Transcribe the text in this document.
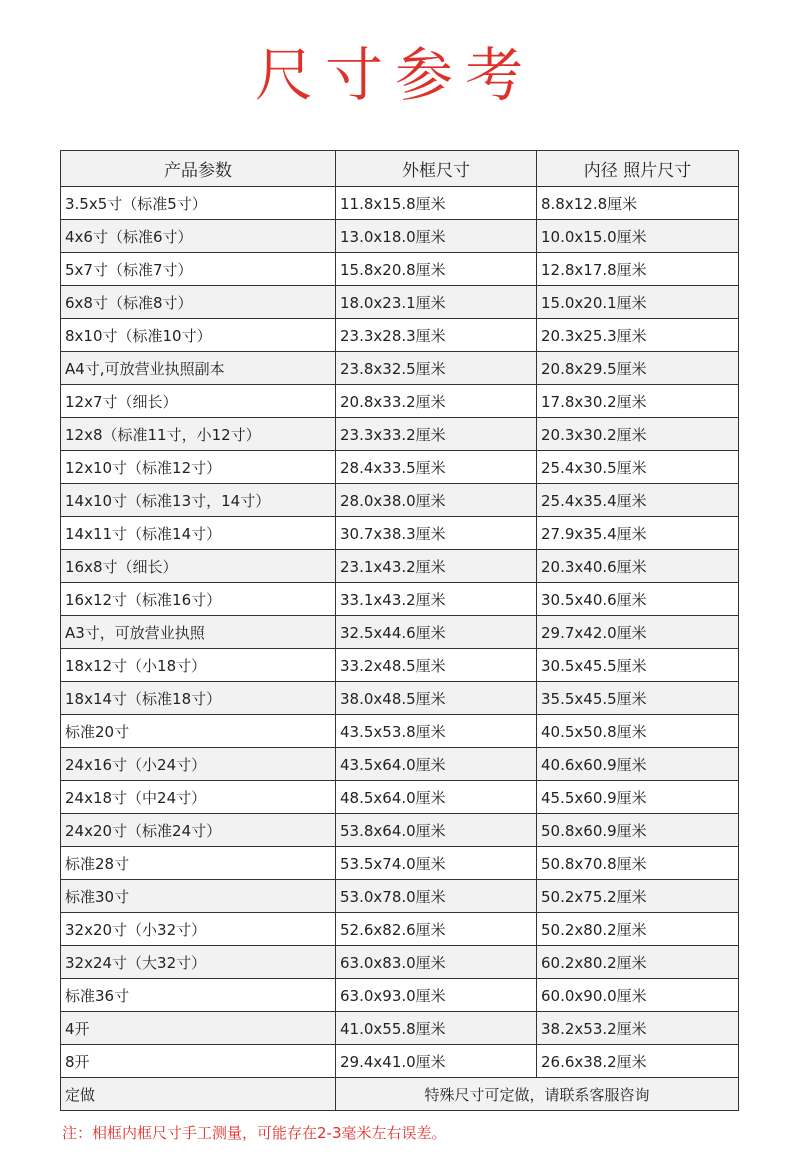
尺寸参考
产品参数	外框尺寸	内径 照片尺寸
3.5x5寸（标准5寸）	11.8x15.8厘米	8.8x12.8厘米
4x6寸（标准6寸）	13.0x18.0厘米	10.0x15.0厘米
5x7寸（标准7寸）	15.8x20.8厘米	12.8x17.8厘米
6x8寸（标准8寸）	18.0x23.1厘米	15.0x20.1厘米
8x10寸（标准10寸）	23.3x28.3厘米	20.3x25.3厘米
A4寸,可放营业执照副本	23.8x32.5厘米	20.8x29.5厘米
12x7寸（细长）	20.8x33.2厘米	17.8x30.2厘米
12x8（标准11寸，小12寸）	23.3x33.2厘米	20.3x30.2厘米
12x10寸（标准12寸）	28.4x33.5厘米	25.4x30.5厘米
14x10寸（标准13寸，14寸）	28.0x38.0厘米	25.4x35.4厘米
14x11寸（标准14寸）	30.7x38.3厘米	27.9x35.4厘米
16x8寸（细长）	23.1x43.2厘米	20.3x40.6厘米
16x12寸（标准16寸）	33.1x43.2厘米	30.5x40.6厘米
A3寸，可放营业执照	32.5x44.6厘米	29.7x42.0厘米
18x12寸（小18寸）	33.2x48.5厘米	30.5x45.5厘米
18x14寸（标准18寸）	38.0x48.5厘米	35.5x45.5厘米
标准20寸	43.5x53.8厘米	40.5x50.8厘米
24x16寸（小24寸）	43.5x64.0厘米	40.6x60.9厘米
24x18寸（中24寸）	48.5x64.0厘米	45.5x60.9厘米
24x20寸（标准24寸）	53.8x64.0厘米	50.8x60.9厘米
标准28寸	53.5x74.0厘米	50.8x70.8厘米
标准30寸	53.0x78.0厘米	50.2x75.2厘米
32x20寸（小32寸）	52.6x82.6厘米	50.2x80.2厘米
32x24寸（大32寸）	63.0x83.0厘米	60.2x80.2厘米
标准36寸	63.0x93.0厘米	60.0x90.0厘米
4开	41.0x55.8厘米	38.2x53.2厘米
8开	29.4x41.0厘米	26.6x38.2厘米
定做	特殊尺寸可定做，请联系客服咨询	
注：相框内框尺寸手工测量，可能存在2-3毫米左右误差。
